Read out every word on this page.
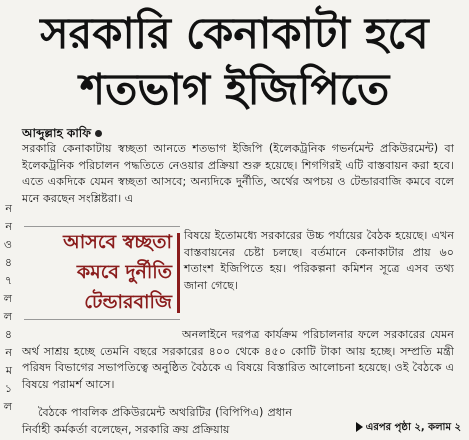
ন
ন
ও
৪
৭
ল
ল
৪
ন
ম
১
ল
সরকারি কেনাকাটা হবে
শতভাগ ইজিপিতে
আব্দুল্লাহ কাফি
সরকারি কেনাকাটায় স্বচ্ছতা আনতে শতভাগ ইজিপি (ইলেকট্রনিক গভর্নমেন্ট প্রকিউরমেন্ট) বা ইলেকট্রনিক পরিচালন পদ্ধতিতে নেওয়ার প্রক্রিয়া শুরু হয়েছে। শিগগিরই এটি বাস্তবায়ন করা হবে। এতে একদিকে যেমন স্বচ্ছতা আসবে; অন্যদিকে দুর্নীতি, অর্থের অপচয় ও টেন্ডারবাজি কমবে বলে মনে করছেন সংশ্লিষ্টরা। এ
আসবে স্বচ্ছতা
কমবে দুর্নীতি
টেন্ডারবাজি
বিষয়ে ইতোমধ্যে সরকারের উচ্চ পর্যায়ের বৈঠক হয়েছে। এখন বাস্তবায়নের চেষ্টা চলছে। বর্তমানে কেনাকাটার প্রায় ৬০ শতাংশ ইজিপিতে হয়। পরিকল্পনা কমিশন সূত্রে এসব তথ্য জানা গেছে।
অনলাইনে দরপত্র কার্যক্রম পরিচালনার ফলে সরকারের যেমন অর্থ সাশ্রয় হচ্ছে তেমনি বছরে সরকারের ৪০০ থেকে ৪৫০ কোটি টাকা আয় হচ্ছে। সম্প্রতি মন্ত্রী পরিষদ বিভাগের সভাপতিত্বে অনুষ্ঠিত বৈঠকে এ বিষয়ে বিস্তারিত আলোচনা হয়েছে। ওই বৈঠকে এ বিষয়ে পরামর্শ আসে।
বৈঠকে পাবলিক প্রকিউরমেন্ট অথরিটির (বিপিপিএ) প্রধান নির্বাহী কর্মকর্তা বলেছেন, সরকারি ক্রয় প্রক্রিয়ায়	এরপর পৃষ্ঠা ২, কলাম ২
